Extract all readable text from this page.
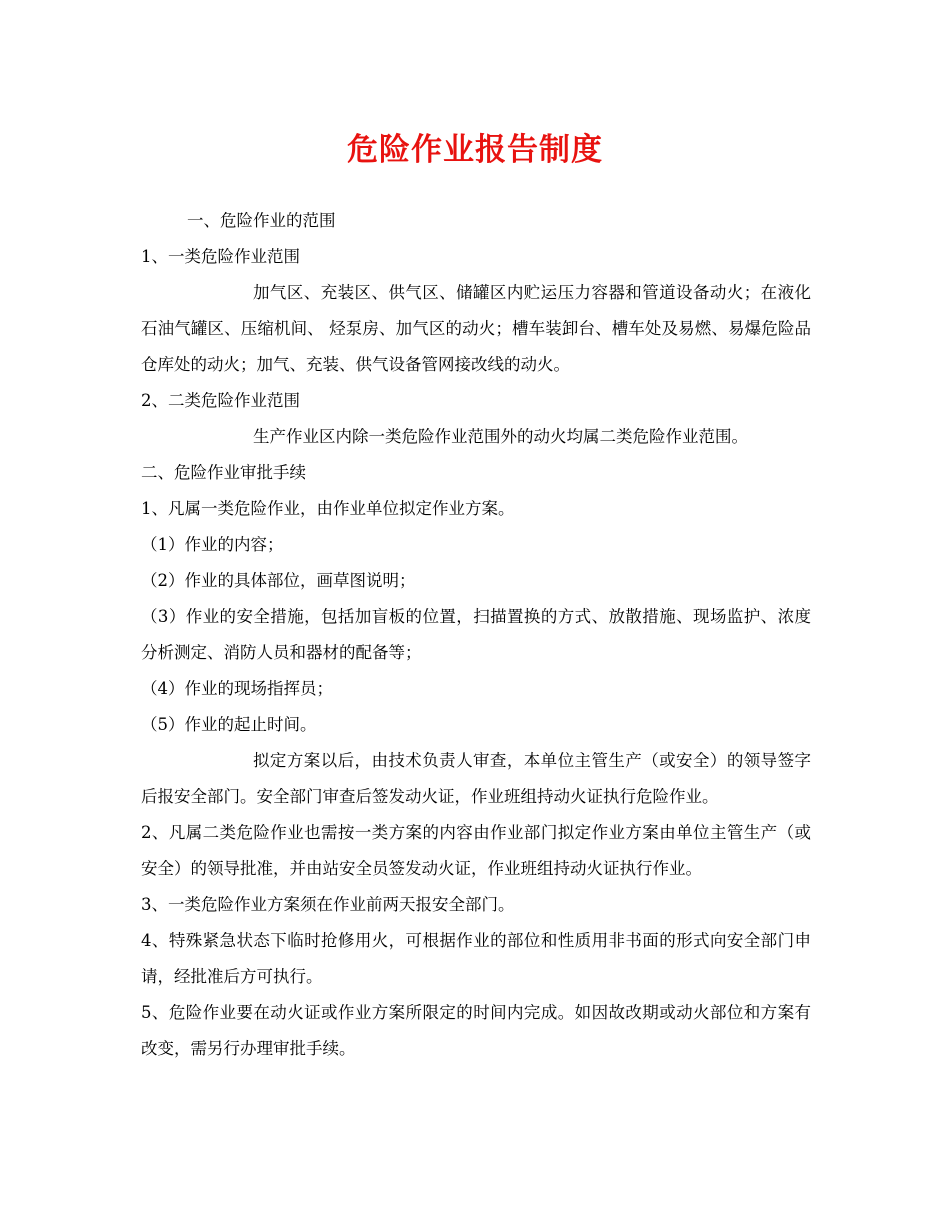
危险作业报告制度

一、危险作业的范围

1、一类危险作业范围

加气区、充装区、供气区、储罐区内贮运压力容器和管道设备动火；在液化石油气罐区、压缩机间、 烃泵房、加气区的动火；槽车装卸台、槽车处及易燃、易爆危险品仓库处的动火；加气、充装、供气设备管网接改线的动火。

2、二类危险作业范围

生产作业区内除一类危险作业范围外的动火均属二类危险作业范围。

二、危险作业审批手续

1、凡属一类危险作业，由作业单位拟定作业方案。

（1）作业的内容；

（2）作业的具体部位，画草图说明；

（3）作业的安全措施，包括加盲板的位置，扫描置换的方式、放散措施、现场监护、浓度分析测定、消防人员和器材的配备等；

（4）作业的现场指挥员；

（5）作业的起止时间。

拟定方案以后，由技术负责人审查，本单位主管生产（或安全）的领导签字后报安全部门。安全部门审查后签发动火证，作业班组持动火证执行危险作业。

2、凡属二类危险作业也需按一类方案的内容由作业部门拟定作业方案由单位主管生产（或安全）的领导批准，并由站安全员签发动火证，作业班组持动火证执行作业。

3、一类危险作业方案须在作业前两天报安全部门。

4、特殊紧急状态下临时抢修用火，可根据作业的部位和性质用非书面的形式向安全部门申请，经批准后方可执行。

5、危险作业要在动火证或作业方案所限定的时间内完成。如因故改期或动火部位和方案有改变，需另行办理审批手续。
